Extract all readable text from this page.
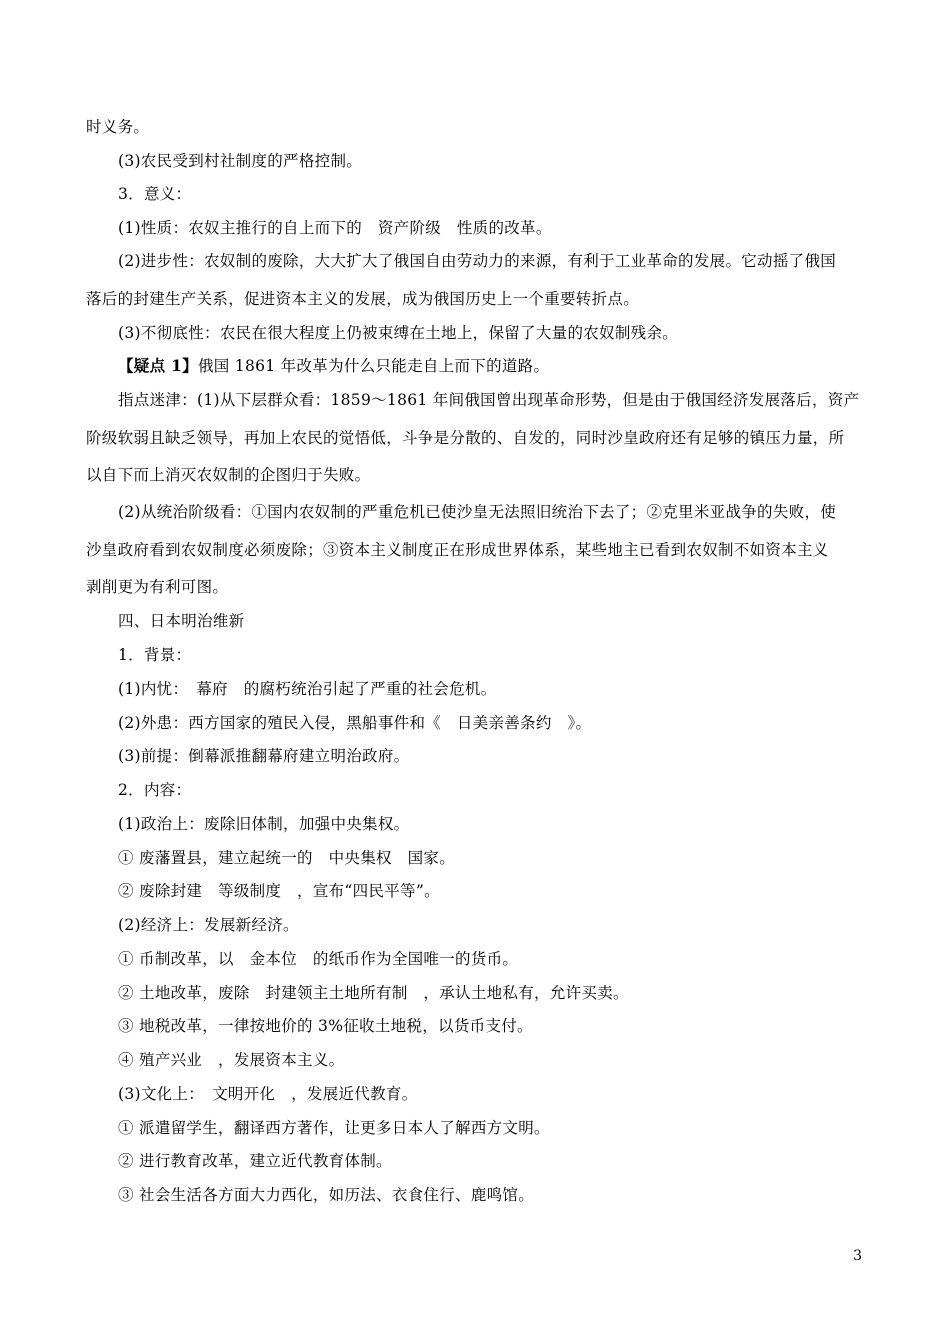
时义务。
(3)农民受到村社制度的严格控制。
3．意义：
(1)性质：农奴主推行的自上而下的　资产阶级　性质的改革。
(2)进步性：农奴制的废除，大大扩大了俄国自由劳动力的来源，有利于工业革命的发展。它动摇了俄国
落后的封建生产关系，促进资本主义的发展，成为俄国历史上一个重要转折点。
(3)不彻底性：农民在很大程度上仍被束缚在土地上，保留了大量的农奴制残余。
【疑点 1】俄国 1861 年改革为什么只能走自上而下的道路。
指点迷津：(1)从下层群众看：1859～1861 年间俄国曾出现革命形势，但是由于俄国经济发展落后，资产
阶级软弱且缺乏领导，再加上农民的觉悟低，斗争是分散的、自发的，同时沙皇政府还有足够的镇压力量，所
以自下而上消灭农奴制的企图归于失败。
(2)从统治阶级看：①国内农奴制的严重危机已使沙皇无法照旧统治下去了；②克里米亚战争的失败，使
沙皇政府看到农奴制度必须废除；③资本主义制度正在形成世界体系，某些地主已看到农奴制不如资本主义
剥削更为有利可图。
四、日本明治维新
1．背景：
(1)内忧：　幕府　的腐朽统治引起了严重的社会危机。
(2)外患：西方国家的殖民入侵，黑船事件和《　日美亲善条约　》。
(3)前提：倒幕派推翻幕府建立明治政府。
2．内容：
(1)政治上：废除旧体制，加强中央集权。
① 废藩置县，建立起统一的　中央集权　国家。
② 废除封建　等级制度　，宣布“四民平等”。
(2)经济上：发展新经济。
① 币制改革，以　金本位　的纸币作为全国唯一的货币。
② 土地改革，废除　封建领主土地所有制　，承认土地私有，允许买卖。
③ 地税改革，一律按地价的 3%征收土地税，以货币支付。
④ 殖产兴业　，发展资本主义。
(3)文化上：　文明开化　，发展近代教育。
① 派遣留学生，翻译西方著作，让更多日本人了解西方文明。
② 进行教育改革，建立近代教育体制。
③ 社会生活各方面大力西化，如历法、衣食住行、鹿鸣馆。
3
